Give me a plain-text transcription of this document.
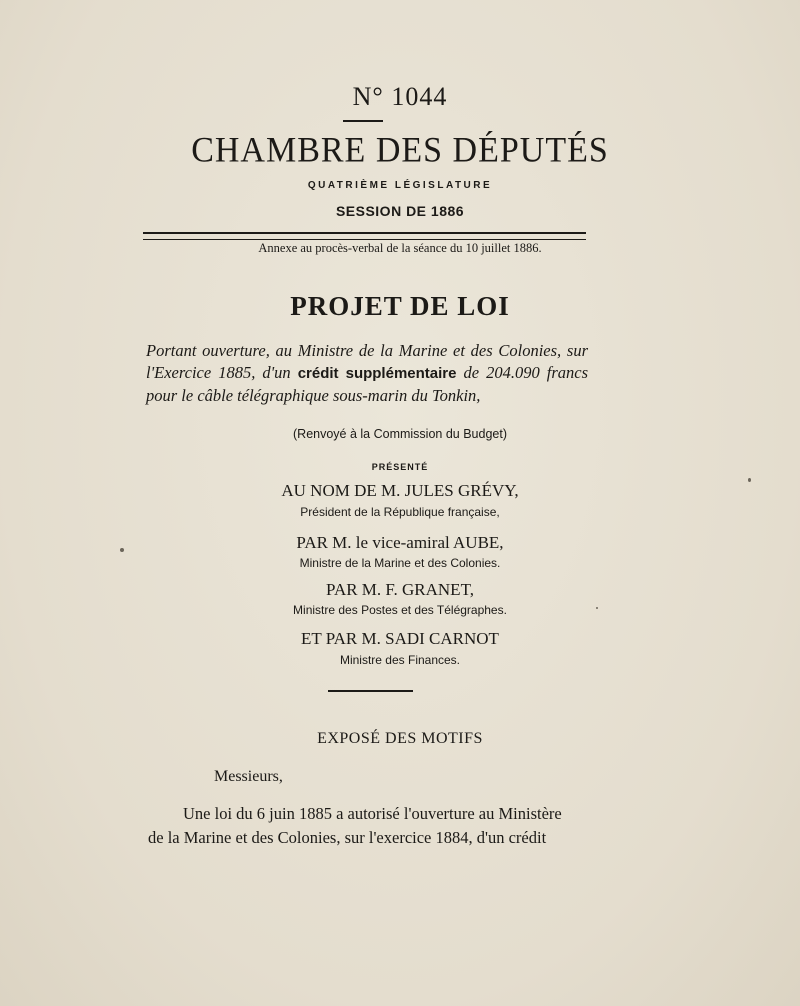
N° 1044
CHAMBRE DES DÉPUTÉS
QUATRIÈME LÉGISLATURE
SESSION DE 1886
Annexe au procès-verbal de la séance du 10 juillet 1886.
PROJET DE LOI
Portant ouverture, au Ministre de la Marine et des Colonies, sur l'Exercice 1885, d'un crédit supplémentaire de 204.090 francs pour le câble télégraphique sous-marin du Tonkin,
(Renvoyé à la Commission du Budget)
PRÉSENTÉ
AU NOM DE M. JULES GRÉVY,
Président de la République française,
PAR M. le vice-amiral AUBE,
Ministre de la Marine et des Colonies.
PAR M. F. GRANET,
Ministre des Postes et des Télégraphes.
ET PAR M. SADI CARNOT
Ministre des Finances.
EXPOSÉ DES MOTIFS
Messieurs,

Une loi du 6 juin 1885 a autorisé l'ouverture au Ministère

de la Marine et des Colonies, sur l'exercice 1884, d'un crédit
